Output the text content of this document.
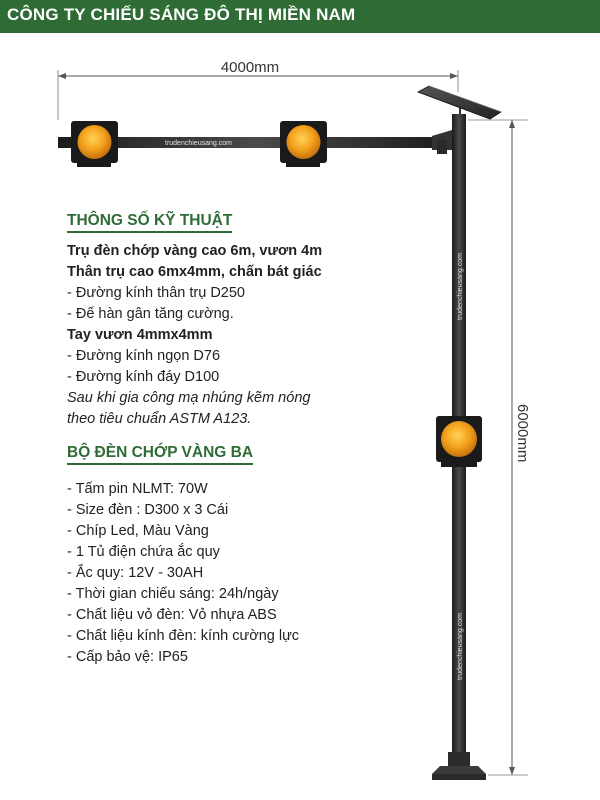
CÔNG TY CHIẾU SÁNG ĐÔ THỊ MIỀN NAM
4000mm
trudenchieusang.com
trudenchieusang.com
trudenchieusang.com
6000mm
THÔNG SỐ KỸ THUẬT
Trụ đèn chớp vàng cao 6m, vươn 4m
Thân trụ cao 6mx4mm, chấn bát giác
- Đường kính thân trụ D250
- Đế hàn gân tăng cường.
Tay vươn 4mmx4mm
- Đường kính ngọn D76
- Đường kính đáy D100
Sau khi gia công mạ nhúng kẽm nóng
theo tiêu chuẩn ASTM A123.
BỘ ĐÈN CHỚP VÀNG BA
- Tấm pin NLMT: 70W
- Size đèn : D300 x 3 Cái
- Chíp Led, Màu Vàng
- 1 Tủ điện chứa ắc quy
- Ắc quy: 12V - 30AH
- Thời gian chiếu sáng: 24h/ngày
- Chất liệu vỏ đèn: Vỏ nhựa ABS
- Chất liệu kính đèn: kính cường lực
- Cấp bảo vệ: IP65
